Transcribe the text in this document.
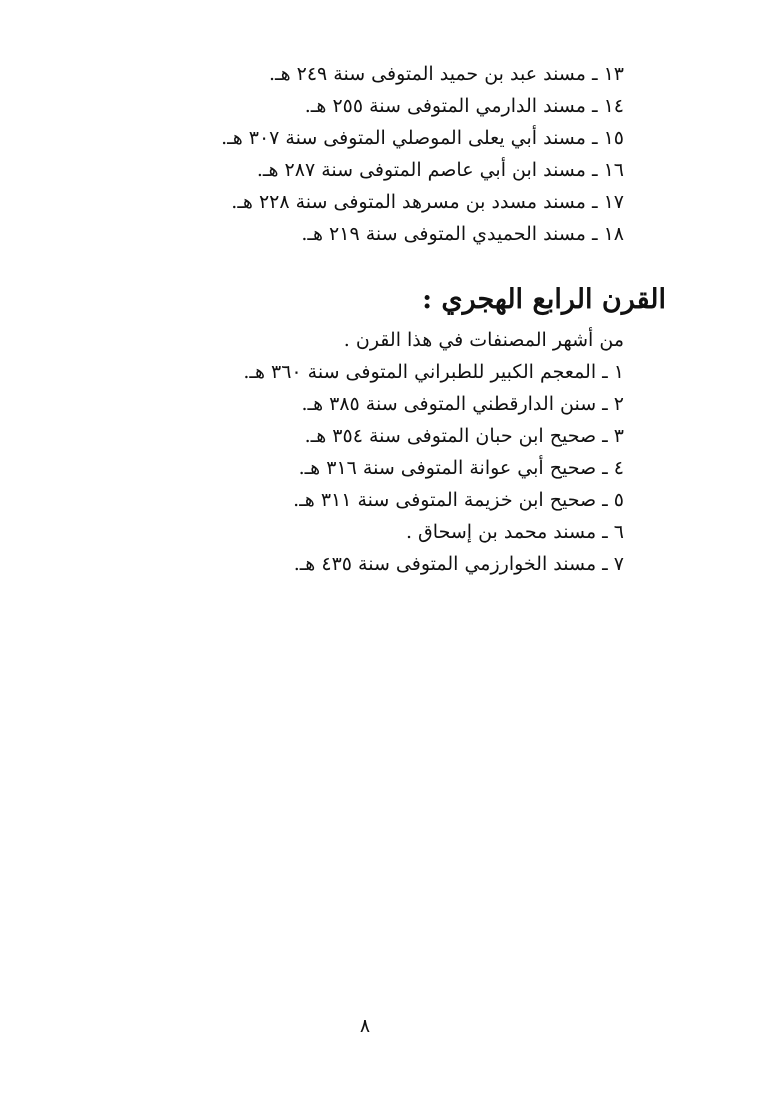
١٣ ـ مسند عبد بن حميد المتوفى سنة ٢٤٩ هـ.
١٤ ـ مسند الدارمي المتوفى سنة ٢٥٥ هـ.
١٥ ـ مسند أبي يعلى الموصلي المتوفى سنة ٣٠٧ هـ.
١٦ ـ مسند ابن أبي عاصم المتوفى سنة ٢٨٧ هـ.
١٧ ـ مسند مسدد بن مسرهد المتوفى سنة ٢٢٨ هـ.
١٨ ـ مسند الحميدي المتوفى سنة ٢١٩ هـ.
القرن الرابع الهجري :
من أشهر المصنفات في هذا القرن .
١ ـ المعجم الكبير للطبراني المتوفى سنة ٣٦٠ هـ.
٢ ـ سنن الدارقطني المتوفى سنة ٣٨٥ هـ.
٣ ـ صحيح ابن حبان المتوفى سنة ٣٥٤ هـ.
٤ ـ صحيح أبي عوانة المتوفى سنة ٣١٦ هـ.
٥ ـ صحيح ابن خزيمة المتوفى سنة ٣١١ هـ.
٦ ـ مسند محمد بن إسحاق .
٧ ـ مسند الخوارزمي المتوفى سنة ٤٣٥ هـ.
٨
